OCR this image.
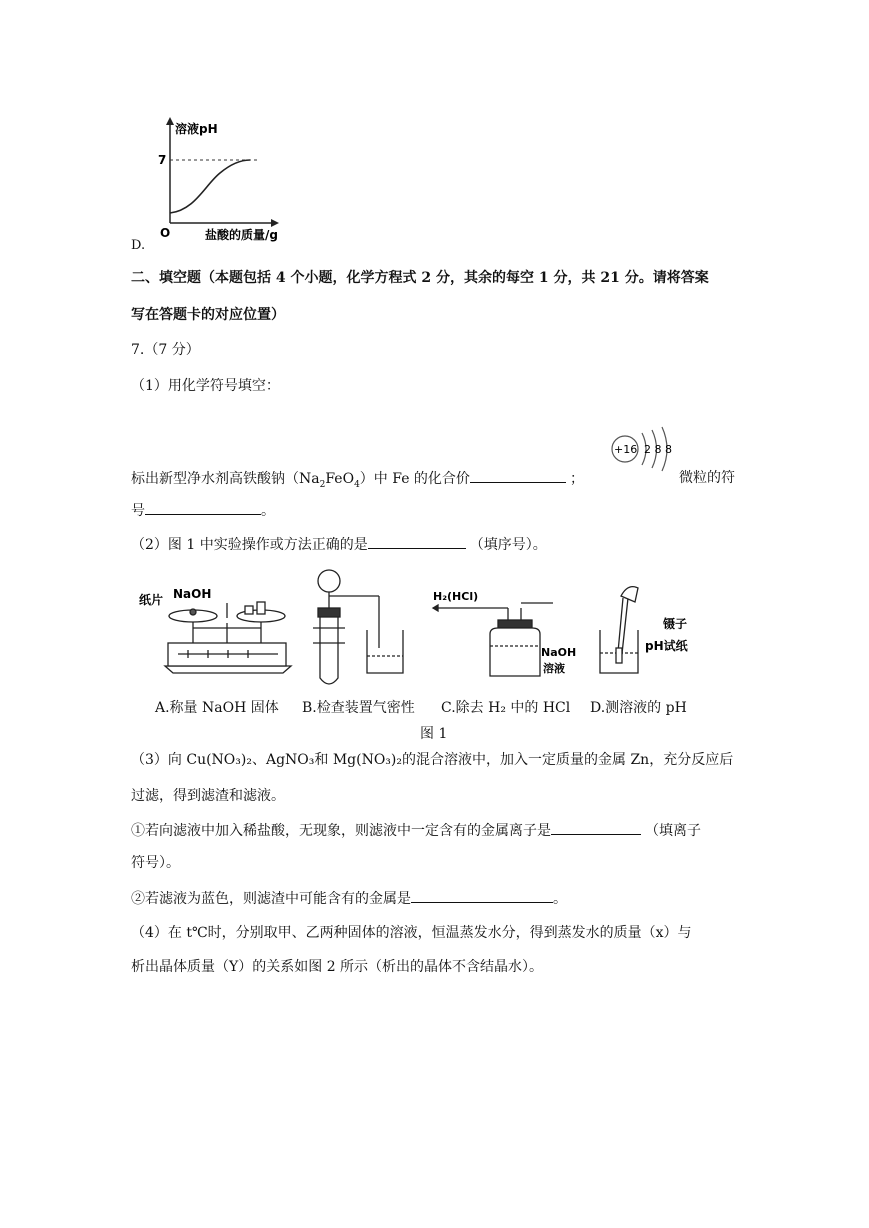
溶液pH
7
O	盐酸的质量/g
D.
二、填空题（本题包括 4 个小题，化学方程式 2 分，其余的每空 1 分，共 21 分。请将答案
写在答题卡的对应位置）
7.（7 分）
（1）用化学符号填空：
+16 2 8 8
标出新型净水剂高铁酸钠$(Na_2FeO_4)$中 Fe 的化合价	；	微粒的符
号	。
（2）图 1 中实验操作或方法正确的是	（填序号）。
纸片 NaOH	H₂(HCl)
NaOH
溶液
镊子
pH试纸
A.称量 NaOH 固体 B.检查装置气密性 C.除去 H₂ 中的 HCl D.测溶液的 pH
图 1
（3）向 Cu(NO₃)₂、AgNO₃和 Mg(NO₃)₂的混合溶液中，加入一定质量的金属 Zn，充分反应后
过滤，得到滤渣和滤液。
①若向滤液中加入稀盐酸，无现象，则滤液中一定含有的金属离子是	（填离子
符号）。
②若滤液为蓝色，则滤渣中可能含有的金属是	。
（4）在 t℃时，分别取甲、乙两种固体的溶液，恒温蒸发水分，得到蒸发水的质量（x）与
析出晶体质量（Y）的关系如图 2 所示（析出的晶体不含结晶水）。
